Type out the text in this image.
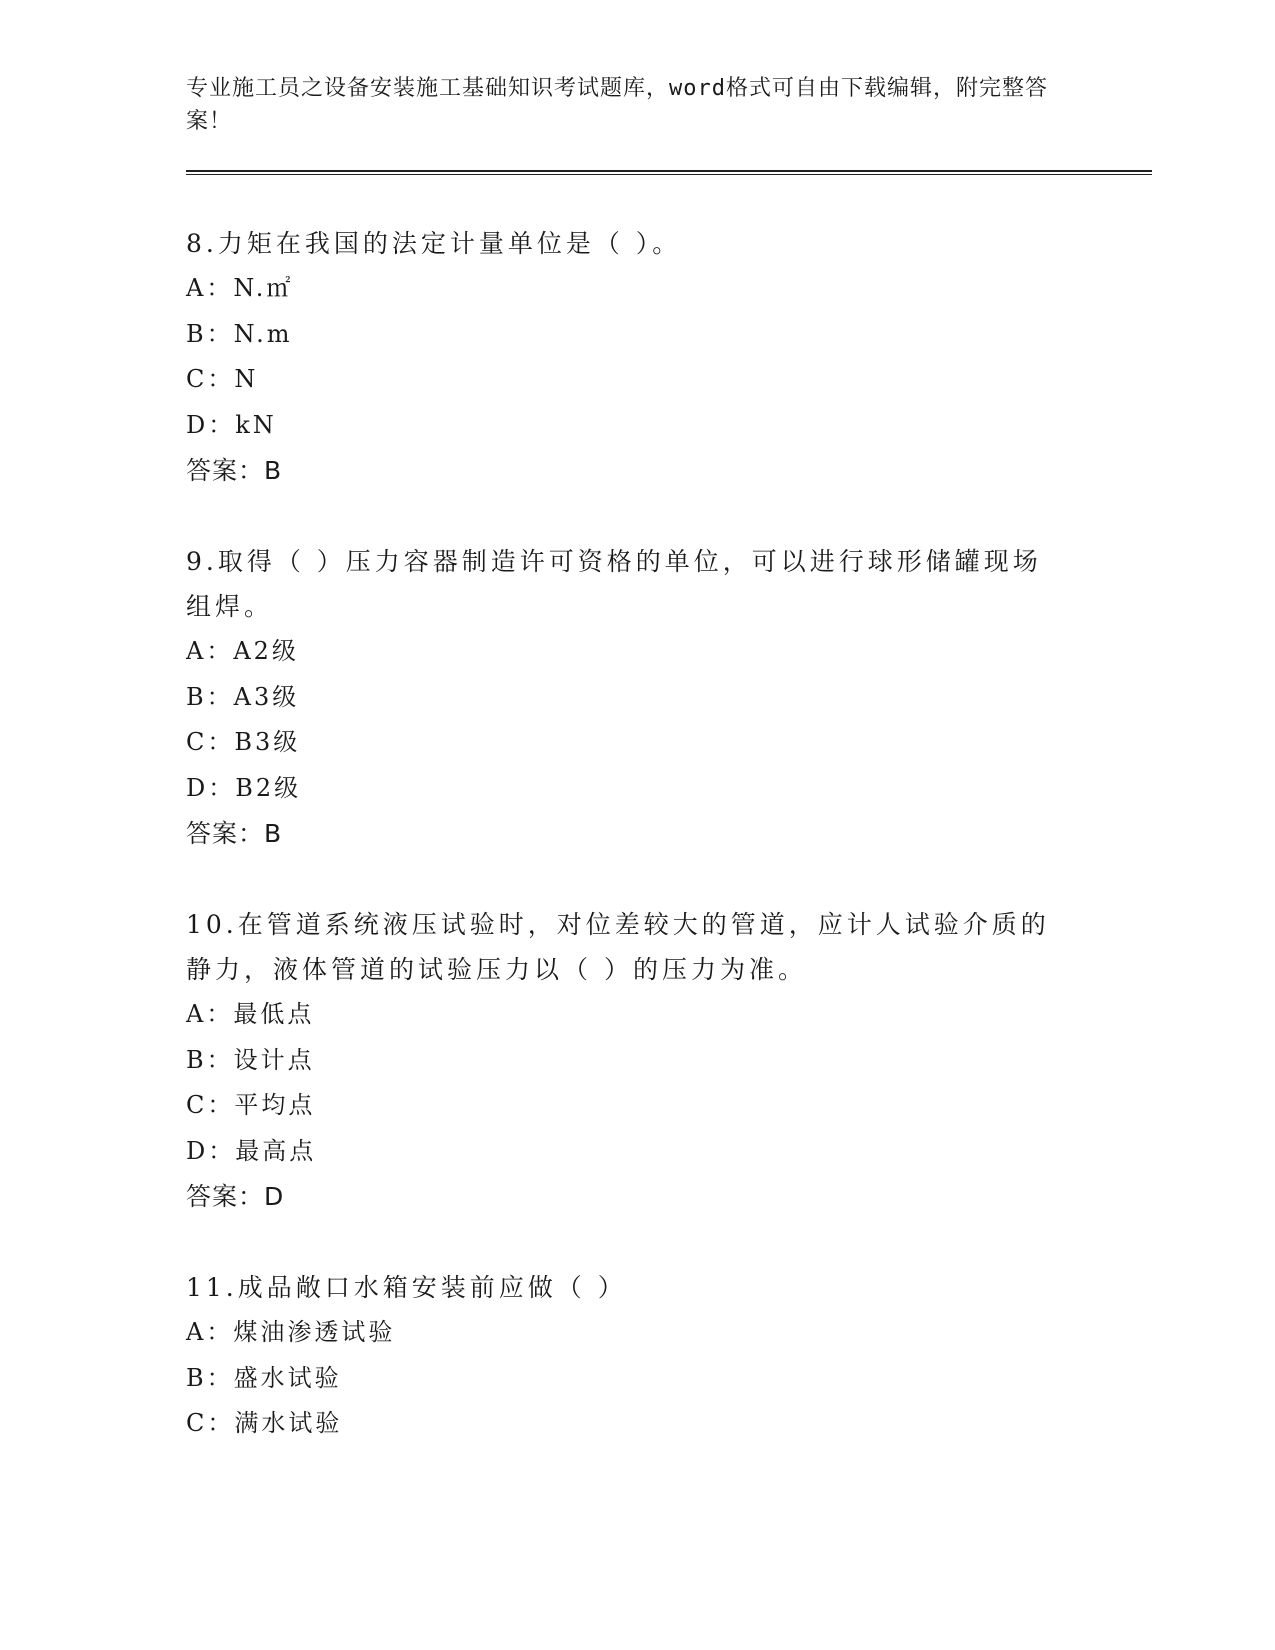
专业施工员之设备安装施工基础知识考试题库，word格式可自由下载编辑，附完整答案！

8.力矩在我国的法定计量单位是（ ）。

A：N.㎡

B：N.m

C：N

D：kN

答案：B

9.取得（ ）压力容器制造许可资格的单位，可以进行球形储罐现场组焊。

A：A2级

B：A3级

C：B3级

D：B2级

答案：B

10.在管道系统液压试验时，对位差较大的管道，应计人试验介质的静力，液体管道的试验压力以（ ）的压力为准。

A：最低点

B：设计点

C：平均点

D：最高点

答案：D

11.成品敞口水箱安装前应做（ ）

A：煤油渗透试验

B：盛水试验

C：满水试验
